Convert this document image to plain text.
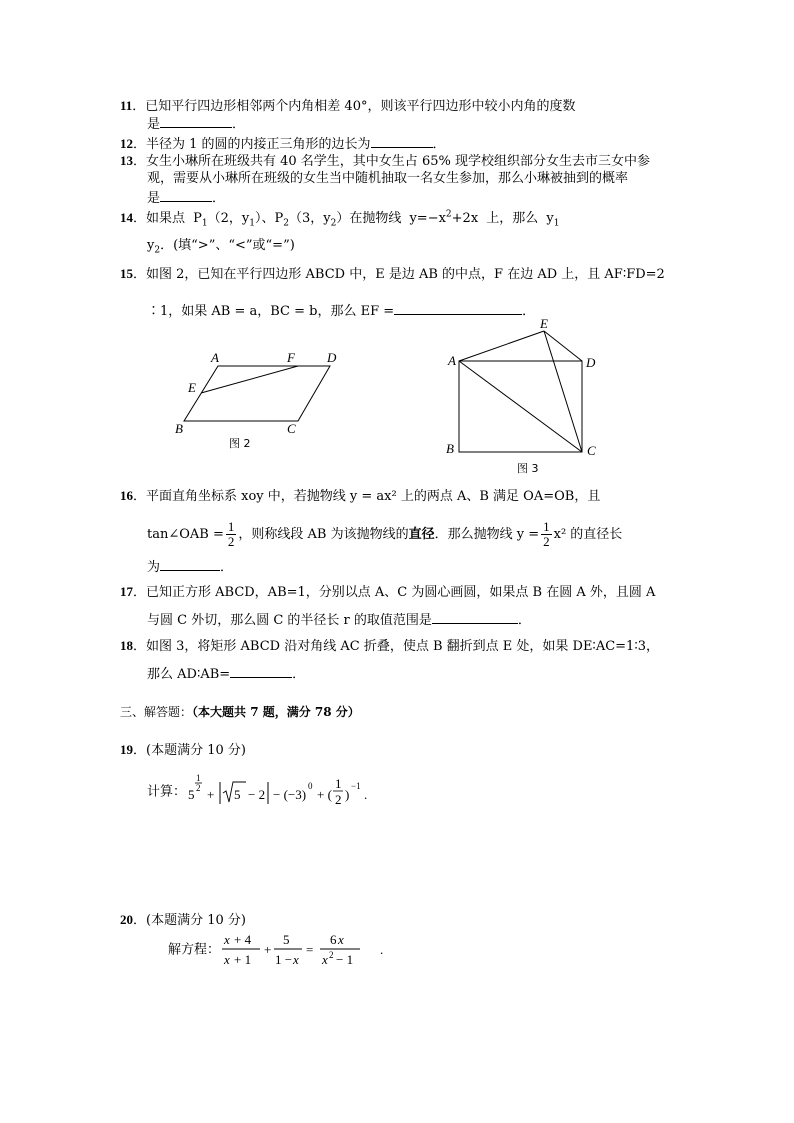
11．已知平行四边形相邻两个内角相差 40°，则该平行四边形中较小内角的度数
是	．
12．半径为 1 的圆的内接正三角形的边长为	．
13．女生小琳所在班级共有 40 名学生，其中女生占 65% 现学校组织部分女生去市三女中参
观，需要从小琳所在班级的女生当中随机抽取一名女生参加，那么小琳被抽到的概率
是	．
14．如果点 $P_1(2$，$y_1$）、$P_2(3$，$y_2$）在抛物线 $y=-x^2+2x$ 上，那么 $y_1$
$y_2$．(填“>”、“<”或“=”)
15．如图 2，已知在平行四边形 ABCD 中，E 是边 AB 的中点，F 在边 AD 上，且 AF∶FD=2
∶1，如果 AB = a，BC = b，那么 EF =	．
A	F D
E
B	C
图 2
A
E
D
B	C
图 3
16．平面直角坐标系 xoy 中，若抛物线 y = ax² 上的两点 A、B 满足 OA=OB，且
tan∠OAB = $\frac{1}{2}$ ，则称线段 AB 为该抛物线的直径．那么抛物线 $y = \frac{1}{2} x^2$ 的直径长
为	．
17．已知正方形 ABCD，AB=1，分别以点 A、C 为圆心画圆，如果点 B 在圆 A 外，且圆 A
与圆 C 外切，那么圆 C 的半径长 r 的取值范围是	．
18．如图 3，将矩形 ABCD 沿对角线 AC 折叠，使点 B 翻折到点 E 处，如果 DE∶AC=1∶3，
那么 AD∶AB=	．
三、解答题：（本大题共 7 题，满分 78 分）
19．(本题满分 10 分)
计算： 5
1
2 + 5 − 2 − (−3)
0
+ (
1
2 )
−1
.
20．(本题满分 10 分)
解方程：
x + 4
x + 1
+
5
1 − x
=
6 x
x 2 − 1
.
